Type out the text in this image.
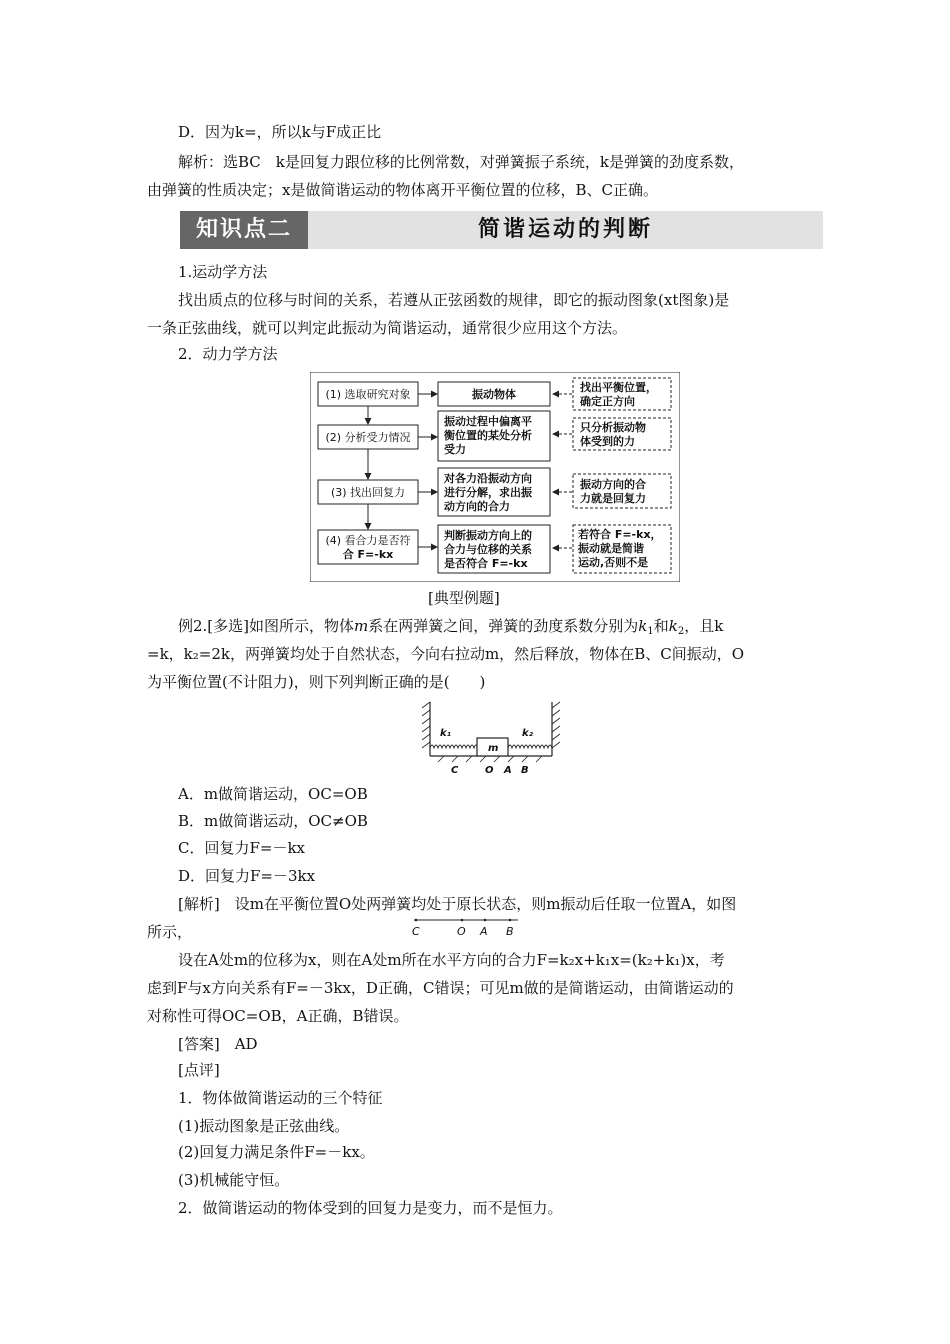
D．因为k=，所以k与F成正比
解析：选BC　k是回复力跟位移的比例常数，对弹簧振子系统，k是弹簧的劲度系数，
由弹簧的性质决定；x是做简谐运动的物体离开平衡位置的位移，B、C正确。
知识点二	简谐运动的判断
1.运动学方法
找出质点的位移与时间的关系，若遵从正弦函数的规律，即它的振动图象(xt图象)是
一条正弦曲线，就可以判定此振动为简谐运动，通常很少应用这个方法。
2．动力学方法
(1) 选取研究对象
(2) 分析受力情况
(3) 找出回复力
(4) 看合力是否符
合 F=-kx
振动物体
振动过程中偏离平
衡位置的某处分析
受力
对各力沿振动方向
进行分解，求出振
动方向的合力
判断振动方向上的
合力与位移的关系
是否符合 F=-kx
找出平衡位置，
确定正方向
只分析振动物
体受到的力
振动方向的合
力就是回复力
若符合 F=-kx，
振动就是简谐
运动,否则不是
[典型例题]
例2.[多选]如图所示，物体m系在两弹簧之间，弹簧的劲度系数分别为$k_1$和$k_2$，且k
=k，k₂=2k，两弹簧均处于自然状态，今向右拉动m，然后释放，物体在B、C间振动，O
为平衡位置(不计阻力)，则下列判断正确的是(　　)
k₁	k₂
m
C	O A B
A．m做简谐运动，OC=OB
B．m做简谐运动，OC≠OB
C．回复力F=－kx
D．回复力F=－3kx
[解析]　设m在平衡位置O处两弹簧均处于原长状态，则m振动后任取一位置A，如图
所示，	C	O A B
设在A处m的位移为x，则在A处m所在水平方向的合力F=k₂x+k₁x=(k₂+k₁)x，考
虑到F与x方向关系有F=－3kx，D正确，C错误；可见m做的是简谐运动，由简谐运动的
对称性可得OC=OB，A正确，B错误。
[答案]　AD
[点评]
1．物体做简谐运动的三个特征
(1)振动图象是正弦曲线。
(2)回复力满足条件F=－kx。
(3)机械能守恒。
2．做简谐运动的物体受到的回复力是变力，而不是恒力。
